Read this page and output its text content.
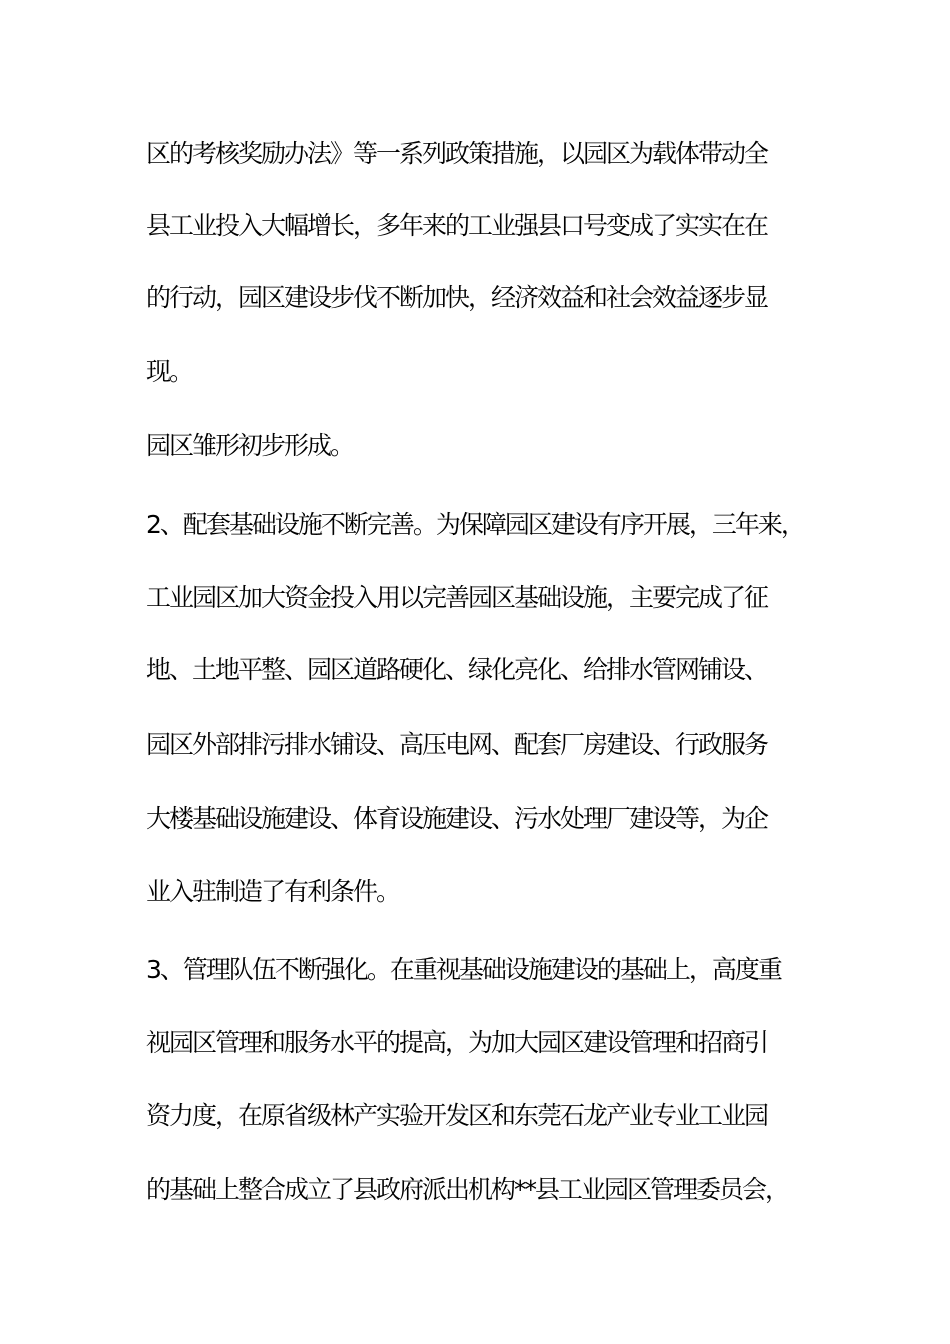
区的考核奖励办法》等一系列政策措施，以园区为载体带动全
县工业投入大幅增长，多年来的工业强县口号变成了实实在在
的行动，园区建设步伐不断加快，经济效益和社会效益逐步显
现。
园区雏形初步形成。
2、配套基础设施不断完善。为保障园区建设有序开展，三年来，
工业园区加大资金投入用以完善园区基础设施，主要完成了征
地、土地平整、园区道路硬化、绿化亮化、给排水管网铺设、
园区外部排污排水铺设、高压电网、配套厂房建设、行政服务
大楼基础设施建设、体育设施建设、污水处理厂建设等，为企
业入驻制造了有利条件。
3、管理队伍不断强化。在重视基础设施建设的基础上，高度重
视园区管理和服务水平的提高，为加大园区建设管理和招商引
资力度，在原省级林产实验开发区和东莞石龙产业专业工业园
的基础上整合成立了县政府派出机构**县工业园区管理委员会，
